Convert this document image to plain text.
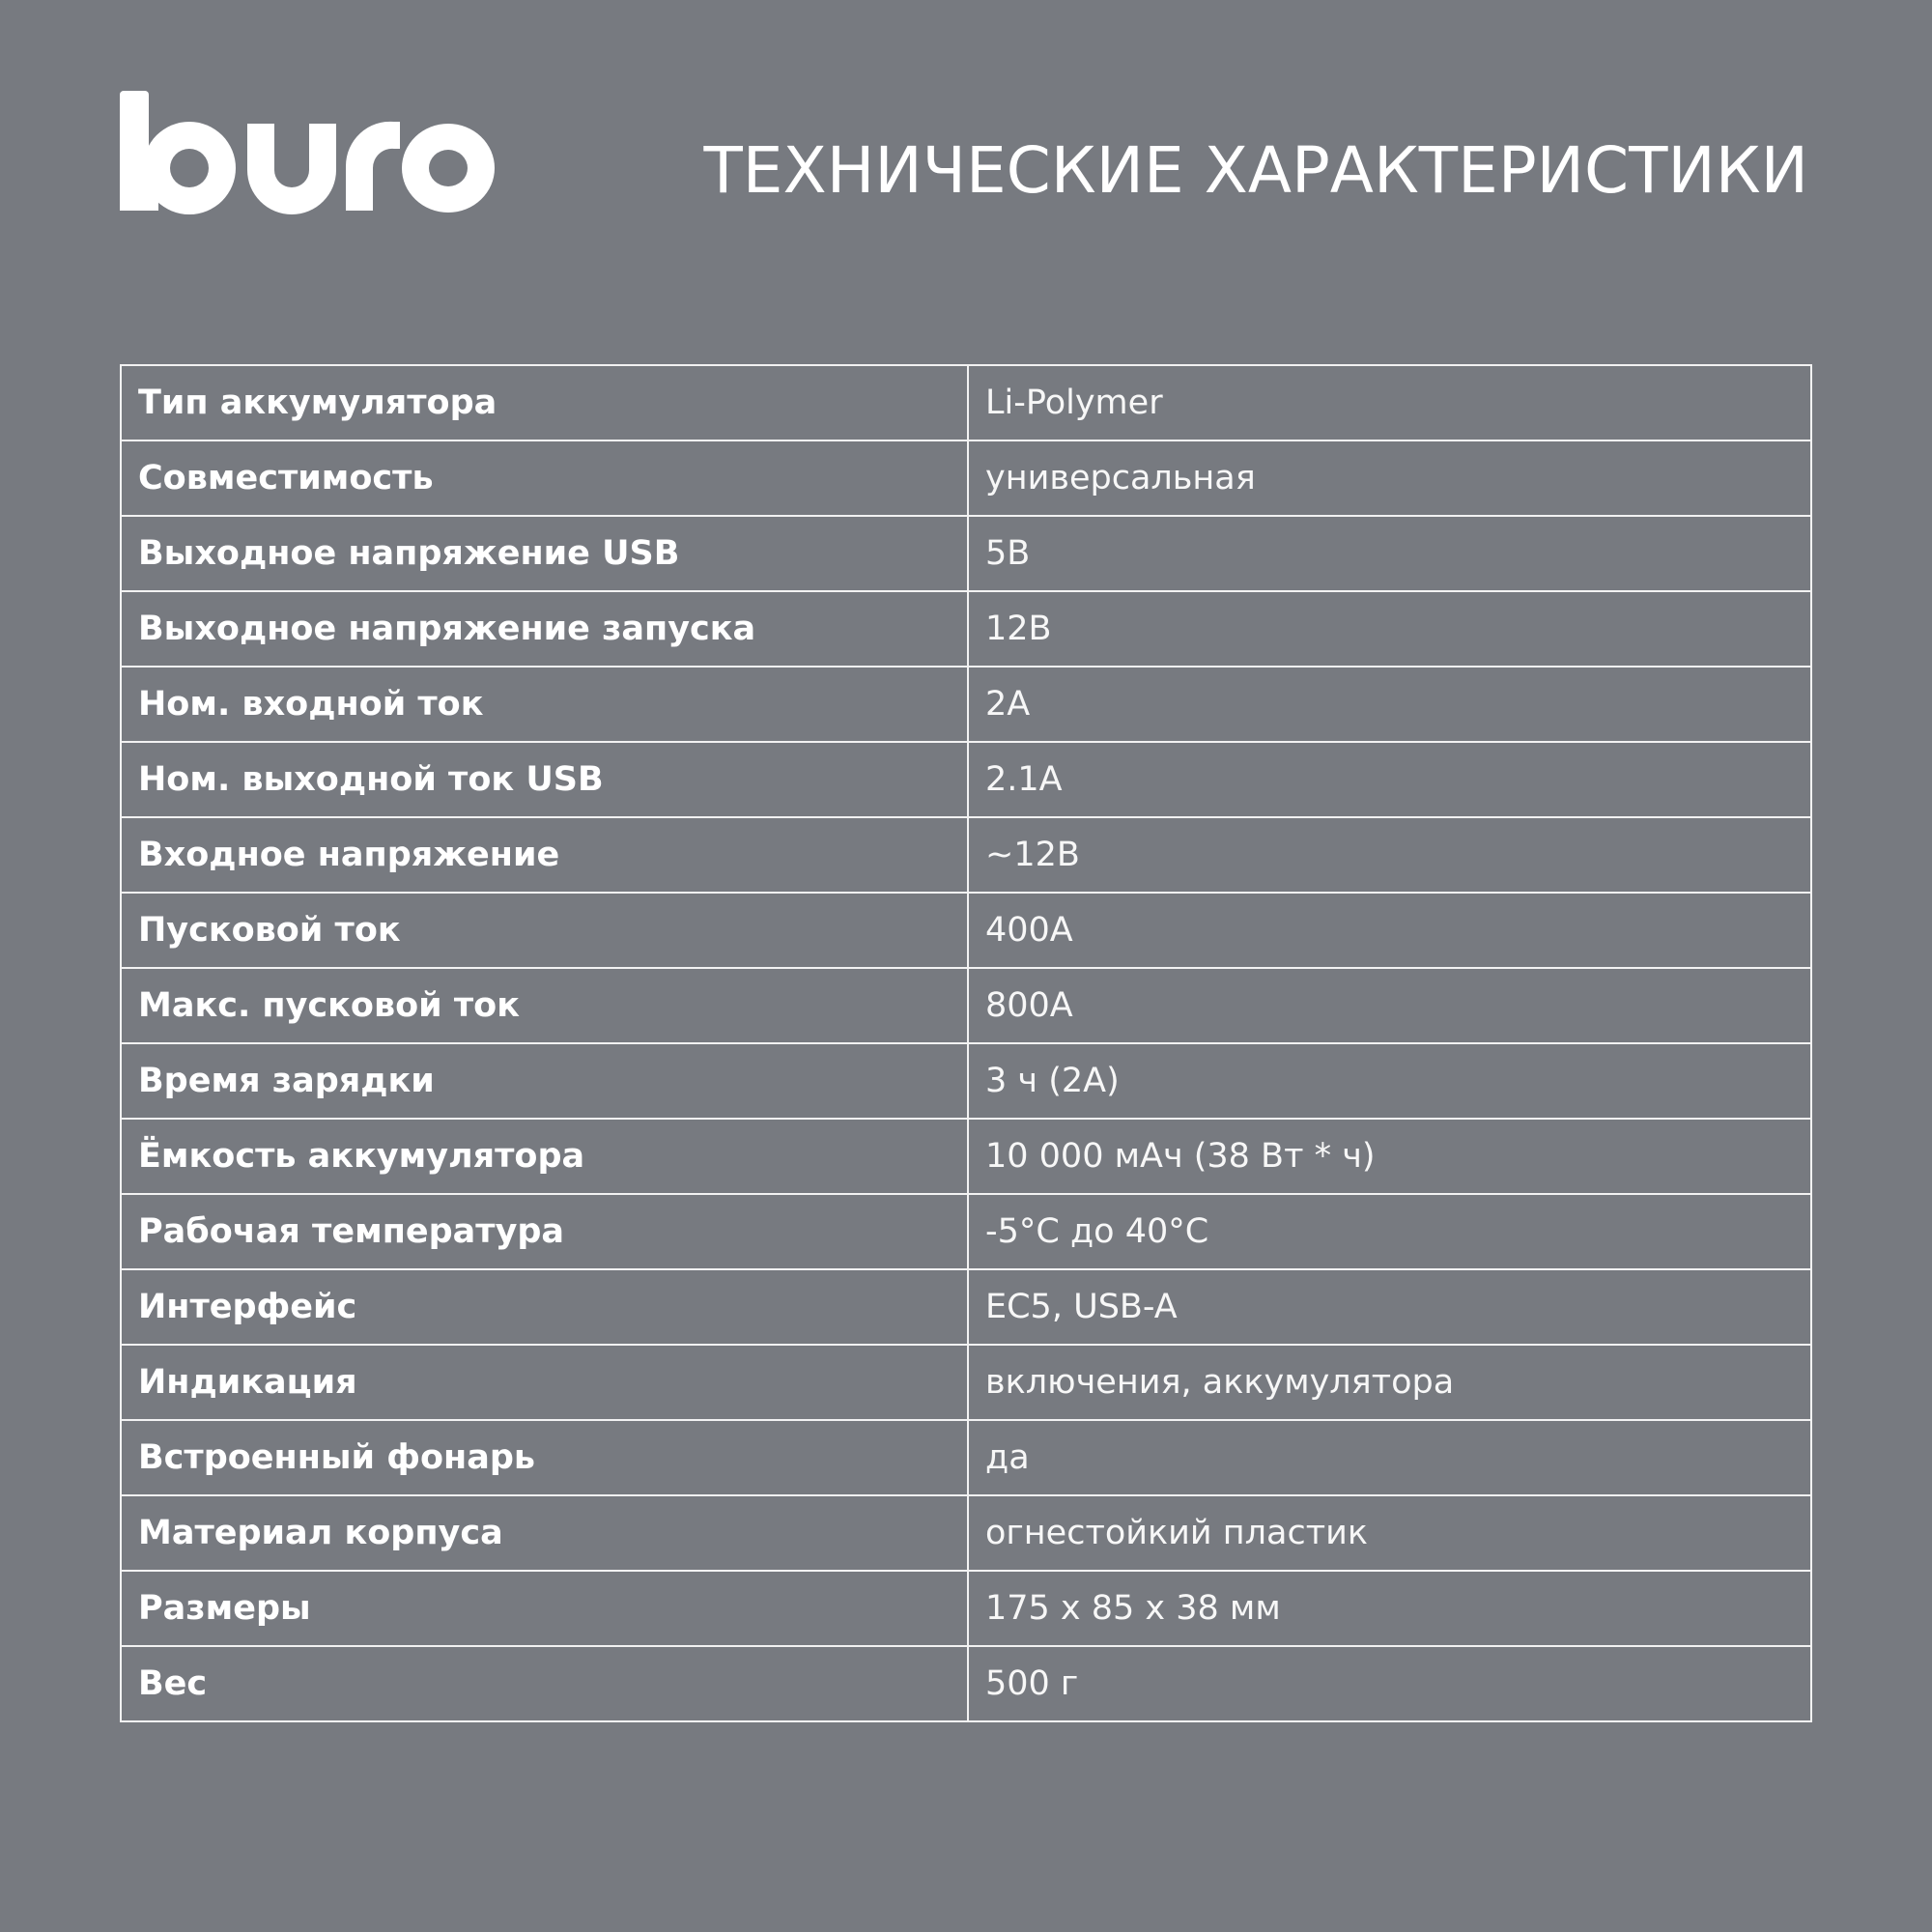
ТЕХНИЧЕСКИЕ ХАРАКТЕРИСТИКИ
Тип аккумулятора	Li-Polymer
Совместимость	универсальная
Выходное напряжение USB	5В
Выходное напряжение запуска	12В
Ном. входной ток	2А
Ном. выходной ток USB	2.1А
Входное напряжение	~12В
Пусковой ток	400А
Макс. пусковой ток	800А
Время зарядки	3 ч (2А)
Ёмкость аккумулятора	10 000 мАч (38 Вт * ч)
Рабочая температура	-5°C до 40°C
Интерфейс	EC5, USB-A
Индикация	включения, аккумулятора
Встроенный фонарь	да
Материал корпуса	огнестойкий пластик
Размеры	175 х 85 х 38 мм
Вес	500 г
